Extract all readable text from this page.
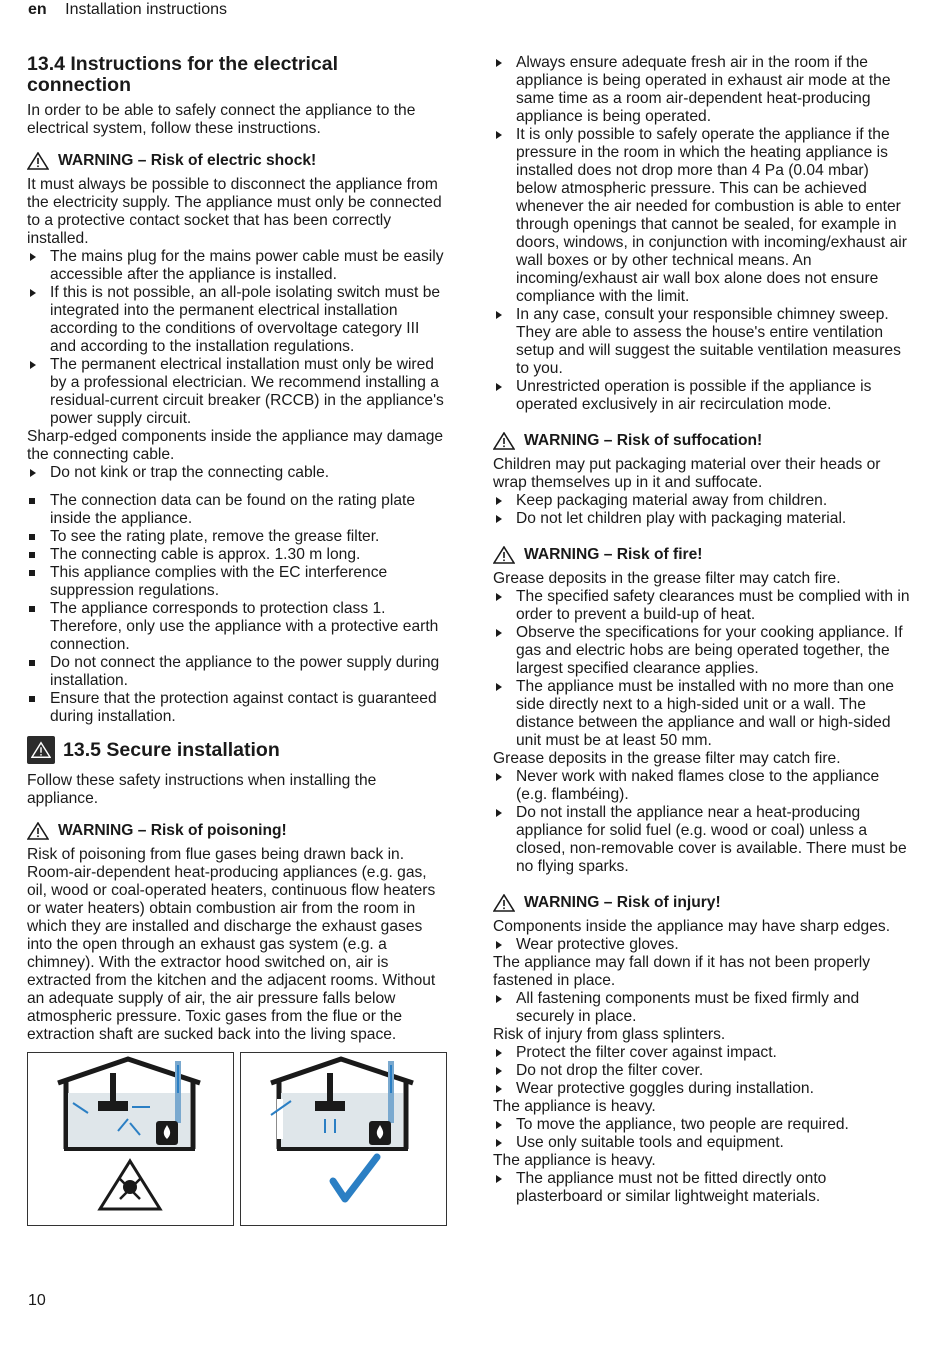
en Installation instructions
13.4 Instructions for the electrical connection

In order to be able to safely connect the appliance to the electrical system, follow these instructions.

WARNING – Risk of electric shock!

It must always be possible to disconnect the appliance from the electricity supply. The appliance must only be connected to a protective contact socket that has been correctly installed.

The mains plug for the mains power cable must be easily accessible after the appliance is installed.
If this is not possible, an all-pole isolating switch must be integrated into the permanent electrical installation according to the conditions of overvoltage category III and according to the installation regulations.
The permanent electrical installation must only be wired by a professional electrician. We recommend installing a residual-current circuit breaker (RCCB) in the appliance's power supply circuit.

Sharp-edged components inside the appliance may damage the connecting cable.

Do not kink or trap the connecting cable.
The connection data can be found on the rating plate inside the appliance.
To see the rating plate, remove the grease filter.
The connecting cable is approx. 1.30 m long.
This appliance complies with the EC interference suppression regulations.
The appliance corresponds to protection class 1. Therefore, only use the appliance with a protective earth connection.
Do not connect the appliance to the power supply during installation.
Ensure that the protection against contact is guaranteed during installation.
13.5 Secure installation

Follow these safety instructions when installing the appliance.

WARNING – Risk of poisoning!

Risk of poisoning from flue gases being drawn back in. Room-air-dependent heat-producing appliances (e.g. gas, oil, wood or coal-operated heaters, continuous flow heaters or water heaters) obtain combustion air from the room in which they are installed and discharge the exhaust gases into the open through an exhaust gas system (e.g. a chimney). With the extractor hood switched on, air is extracted from the kitchen and the adjacent rooms. Without an adequate supply of air, the air pressure falls below atmospheric pressure. Toxic gases from the flue or the extraction shaft are sucked back into the living space.

Always ensure adequate fresh air in the room if the appliance is being operated in exhaust air mode at the same time as a room air-dependent heat-producing appliance is being operated.
It is only possible to safely operate the appliance if the pressure in the room in which the heating appliance is installed does not drop more than 4 Pa (0.04 mbar) below atmospheric pressure. This can be achieved whenever the air needed for combustion is able to enter through openings that cannot be sealed, for example in doors, windows, in conjunction with incoming/exhaust air wall boxes or by other technical means. An incoming/exhaust air wall box alone does not ensure compliance with the limit.
In any case, consult your responsible chimney sweep. They are able to assess the house's entire ventilation setup and will suggest the suitable ventilation measures to you.
Unrestricted operation is possible if the appliance is operated exclusively in air recirculation mode.
WARNING – Risk of suffocation!

Children may put packaging material over their heads or wrap themselves up in it and suffocate.

Keep packaging material away from children.
Do not let children play with packaging material.
WARNING – Risk of fire!

Grease deposits in the grease filter may catch fire.

The specified safety clearances must be complied with in order to prevent a build-up of heat.
Observe the specifications for your cooking appliance. If gas and electric hobs are being operated together, the largest specified clearance applies.
The appliance must be installed with no more than one side directly next to a high-sided unit or a wall. The distance between the appliance and wall or high-sided unit must be at least 50 mm.

Grease deposits in the grease filter may catch fire.

Never work with naked flames close to the appliance (e.g. flambéing).
Do not install the appliance near a heat-producing appliance for solid fuel (e.g. wood or coal) unless a closed, non-removable cover is available. There must be no flying sparks.
WARNING – Risk of injury!

Components inside the appliance may have sharp edges.

Wear protective gloves.

The appliance may fall down if it has not been properly fastened in place.

All fastening components must be fixed firmly and securely in place.

Risk of injury from glass splinters.

Protect the filter cover against impact.
Do not drop the filter cover.
Wear protective goggles during installation.

The appliance is heavy.

To move the appliance, two people are required.
Use only suitable tools and equipment.

The appliance is heavy.

The appliance must not be fitted directly onto plasterboard or similar lightweight materials.
10
